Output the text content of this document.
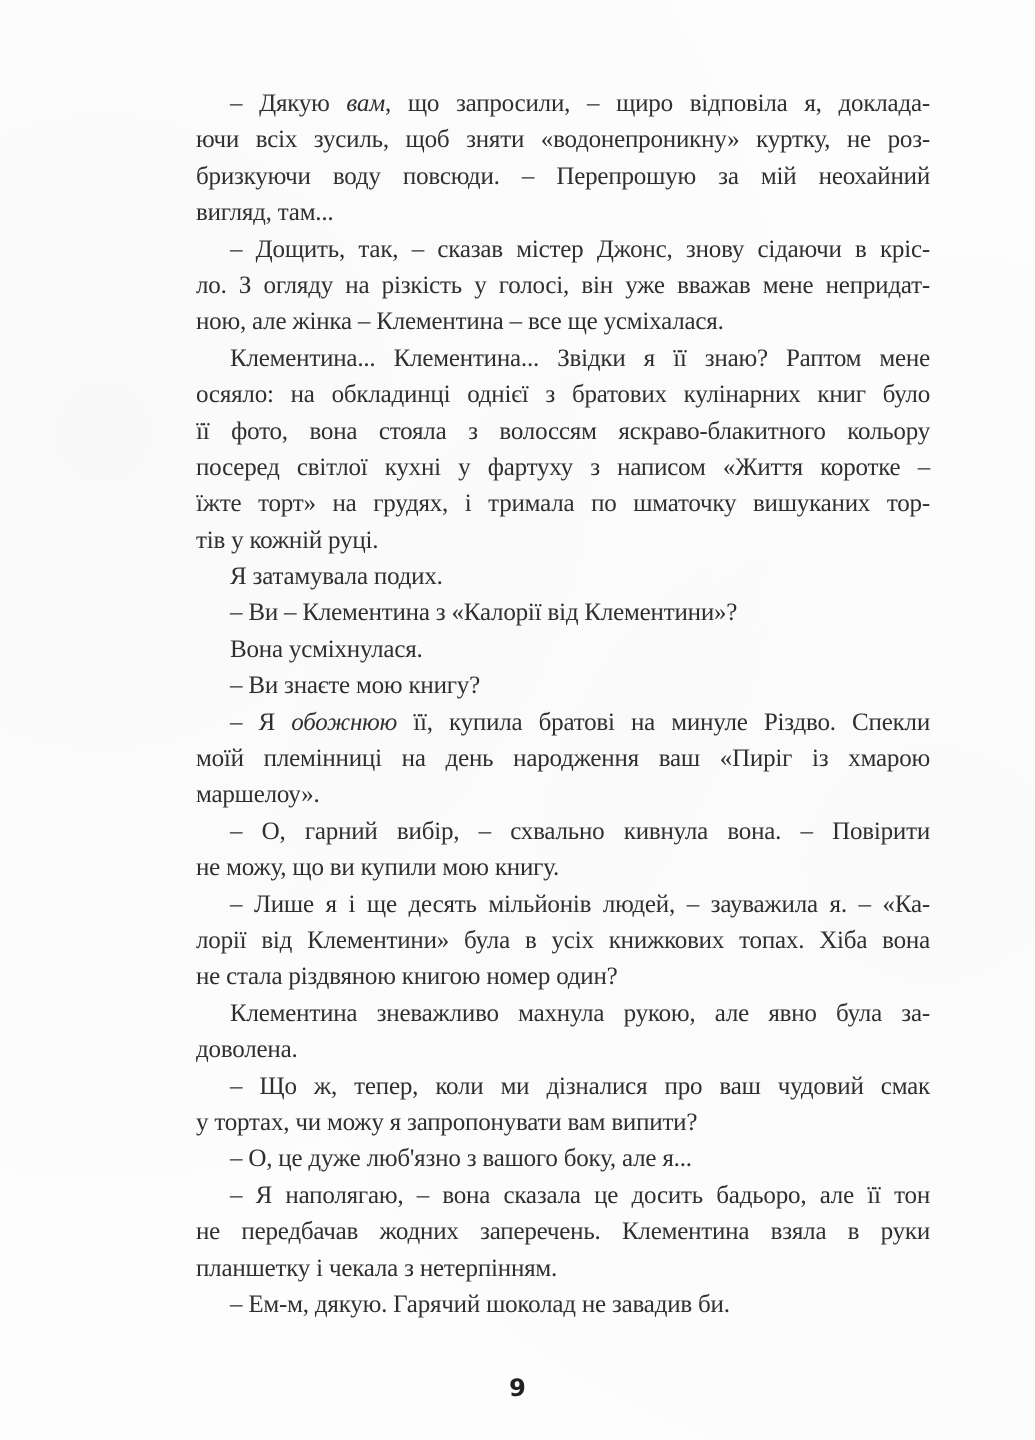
– Дякую вам, що запросили, – щиро відповіла я, доклада-
ючи всіх зусиль, щоб зняти «водонепроникну» куртку, не роз-
бризкуючи воду повсюди. – Перепрошую за мій неохайний
вигляд, там...
– Дощить, так, – сказав містер Джонс, знову сідаючи в кріс-
ло. З огляду на різкість у голосі, він уже вважав мене непридат-
ною, але жінка – Клементина – все ще усміхалася.
Клементина... Клементина... Звідки я її знаю? Раптом мене
осяяло: на обкладинці однієї з братових кулінарних книг було
її фото, вона стояла з волоссям яскраво-блакитного кольору
посеред світлої кухні у фартуху з написом «Життя коротке –
їжте торт» на грудях, і тримала по шматочку вишуканих тор-
тів у кожній руці.
Я затамувала подих.
– Ви – Клементина з «Калорії від Клементини»?
Вона усміхнулася.
– Ви знаєте мою книгу?
– Я обожнюю її, купила братові на минуле Різдво. Спекли
моїй племінниці на день народження ваш «Пиріг із хмарою
маршелоу».
– О, гарний вибір, – схвально кивнула вона. – Повірити
не можу, що ви купили мою книгу.
– Лише я і ще десять мільйонів людей, – зауважила я. – «Ка-
лорії від Клементини» була в усіх книжкових топах. Хіба вона
не стала різдвяною книгою номер один?
Клементина зневажливо махнула рукою, але явно була за-
доволена.
– Що ж, тепер, коли ми дізналися про ваш чудовий смак
у тортах, чи можу я запропонувати вам випити?
– О, це дуже люб'язно з вашого боку, але я...
– Я наполягаю, – вона сказала це досить бадьоро, але її тон
не передбачав жодних заперечень. Клементина взяла в руки
планшетку і чекала з нетерпінням.
– Ем-м, дякую. Гарячий шоколад не завадив би.
9
